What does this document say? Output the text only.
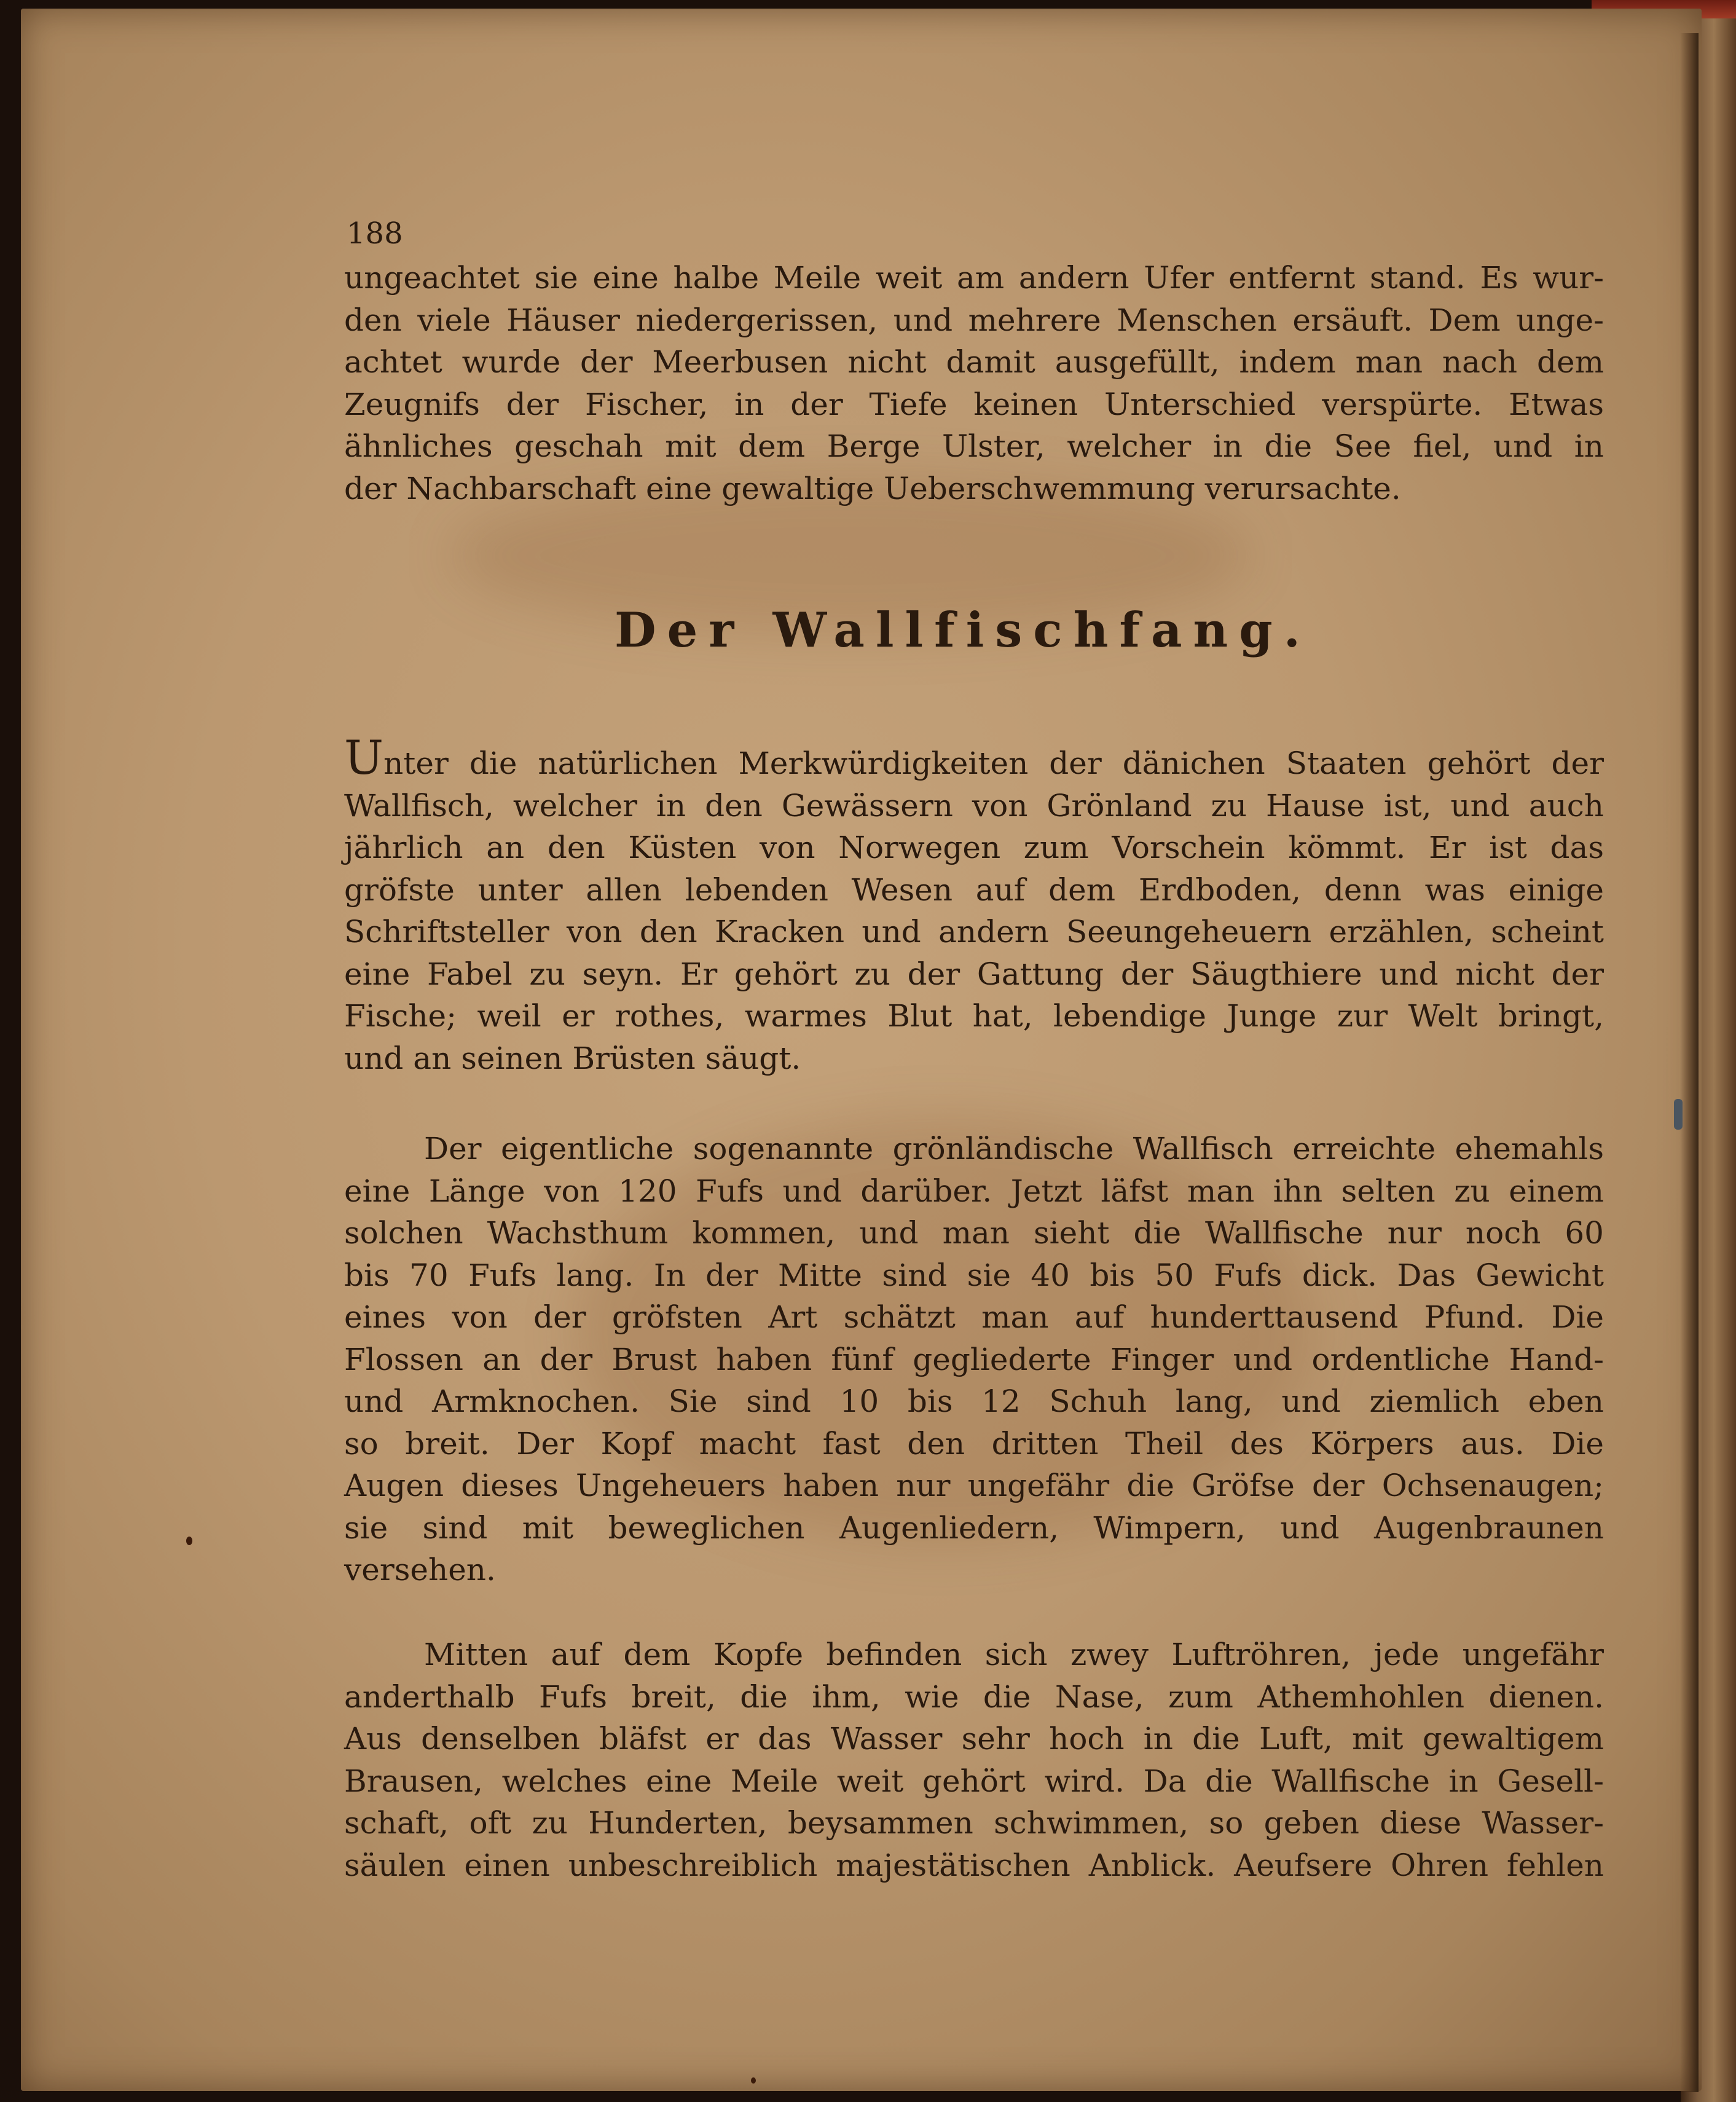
188
ungeachtet sie eine halbe Meile weit am andern Ufer entfernt stand. Es wur-
den viele Häuser niedergerissen, und mehrere Menschen ersäuft. Dem unge-
achtet wurde der Meerbusen nicht damit ausgefüllt, indem man nach dem
Zeugnifs der Fischer, in der Tiefe keinen Unterschied verspürte. Etwas
ähnliches geschah mit dem Berge Ulster, welcher in die See fiel, und in
der Nachbarschaft eine gewaltige Ueberschwemmung verursachte.
Der Wallfischfang.
Unter die natürlichen Merkwürdigkeiten der dänichen Staaten gehört der
Wallfisch, welcher in den Gewässern von Grönland zu Hause ist, und auch
jährlich an den Küsten von Norwegen zum Vorschein kömmt. Er ist das
gröfste unter allen lebenden Wesen auf dem Erdboden, denn was einige
Schriftsteller von den Kracken und andern Seeungeheuern erzählen, scheint
eine Fabel zu seyn. Er gehört zu der Gattung der Säugthiere und nicht der
Fische; weil er rothes, warmes Blut hat, lebendige Junge zur Welt bringt,
und an seinen Brüsten säugt.
Der eigentliche sogenannte grönländische Wallfisch erreichte ehemahls
eine Länge von 120 Fufs und darüber. Jetzt läfst man ihn selten zu einem
solchen Wachsthum kommen, und man sieht die Wallfische nur noch 60
bis 70 Fufs lang. In der Mitte sind sie 40 bis 50 Fufs dick. Das Gewicht
eines von der gröfsten Art schätzt man auf hunderttausend Pfund. Die
Flossen an der Brust haben fünf gegliederte Finger und ordentliche Hand-
und Armknochen. Sie sind 10 bis 12 Schuh lang, und ziemlich eben
so breit. Der Kopf macht fast den dritten Theil des Körpers aus. Die
Augen dieses Ungeheuers haben nur ungefähr die Gröfse der Ochsenaugen;
sie sind mit beweglichen Augenliedern, Wimpern, und Augenbraunen
versehen.
Mitten auf dem Kopfe befinden sich zwey Luftröhren, jede ungefähr
anderthalb Fufs breit, die ihm, wie die Nase, zum Athemhohlen dienen.
Aus denselben bläfst er das Wasser sehr hoch in die Luft, mit gewaltigem
Brausen, welches eine Meile weit gehört wird. Da die Wallfische in Gesell-
schaft, oft zu Hunderten, beysammen schwimmen, so geben diese Wasser-
säulen einen unbeschreiblich majestätischen Anblick. Aeufsere Ohren fehlen
